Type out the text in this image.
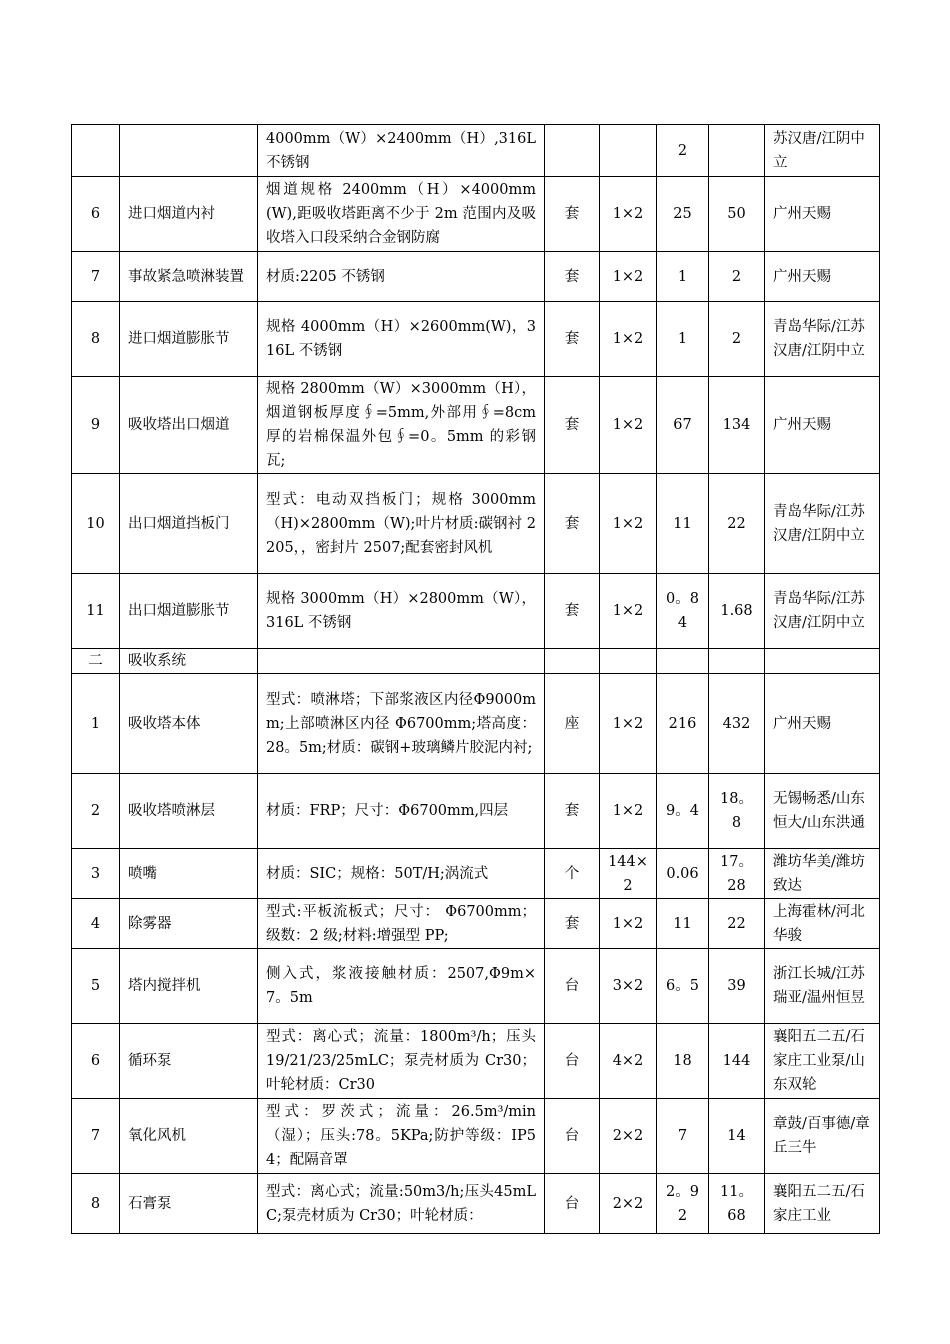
		4000mm（W）×2400mm（H）,316L 不锈钢			2		苏汉唐/江阴中立
6	进口烟道内衬	烟道规格 2400mm（H）×4000mm(W),距吸收塔距离不少于 2m 范围内及吸收塔入口段采纳合金钢防腐	套	1×2	25	50	广州天赐
7	事故紧急喷淋装置	材质:2205 不锈钢	套	1×2	1	2	广州天赐
8	进口烟道膨胀节	规格 4000mm（H）×2600mm(W)，316L 不锈钢	套	1×2	1	2	青岛华际/江苏汉唐/江阴中立
9	吸收塔出口烟道	规格 2800mm（W）×3000mm（H），烟道钢板厚度∮=5mm,外部用∮=8cm 厚的岩棉保温外包∮=0。5mm 的彩钢瓦;	套	1×2	67	134	广州天赐
10	出口烟道挡板门	型式：电动双挡板门；规格 3000mm（H)×2800mm（W);叶片材质:碳钢衬 2205，，密封片 2507;配套密封风机	套	1×2	11	22	青岛华际/江苏汉唐/江阴中立
11	出口烟道膨胀节	规格 3000mm（H）×2800mm（W），316L 不锈钢	套	1×2	0。84	1.68	青岛华际/江苏汉唐/江阴中立
二	吸收系统						
1	吸收塔本体	型式：喷淋塔；下部浆液区内径Φ9000mm;上部喷淋区内径 Φ6700mm;塔高度：28。5m;材质：碳钢+玻璃鳞片胶泥内衬;	座	1×2	216	432	广州天赐
2	吸收塔喷淋层	材质：FRP；尺寸：Φ6700mm,四层	套	1×2	9。4	18。8	无锡畅悉/山东恒大/山东洪通
3	喷嘴	材质：SIC；规格：50T/H;涡流式	个	144×2	0.06	17。28	潍坊华美/潍坊致达
4	除雾器	型式:平板流板式；尺寸： Φ6700mm；级数：2 级;材料:增强型 PP;	套	1×2	11	22	上海霍林/河北华骏
5	塔内搅拌机	侧入式，浆液接触材质：2507,Φ9m×7。5m	台	3×2	6。5	39	浙江长城/江苏瑞亚/温州恒昱
6	循环泵	型式：离心式；流量：1800m³/h；压头 19/21/23/25mLC；泵壳材质为 Cr30；叶轮材质：Cr30	台	4×2	18	144	襄阳五二五/石家庄工业泵/山东双轮
7	氧化风机	型式：罗茨式；流量：26.5m³/min（湿）；压头:78。5KPa;防护等级：IP54；配隔音罩	台	2×2	7	14	章鼓/百事德/章丘三牛
8	石膏泵	型式：离心式；流量:50m3/h;压头45mLC;泵壳材质为 Cr30；叶轮材质：	台	2×2	2。92	11。68	襄阳五二五/石家庄工业
